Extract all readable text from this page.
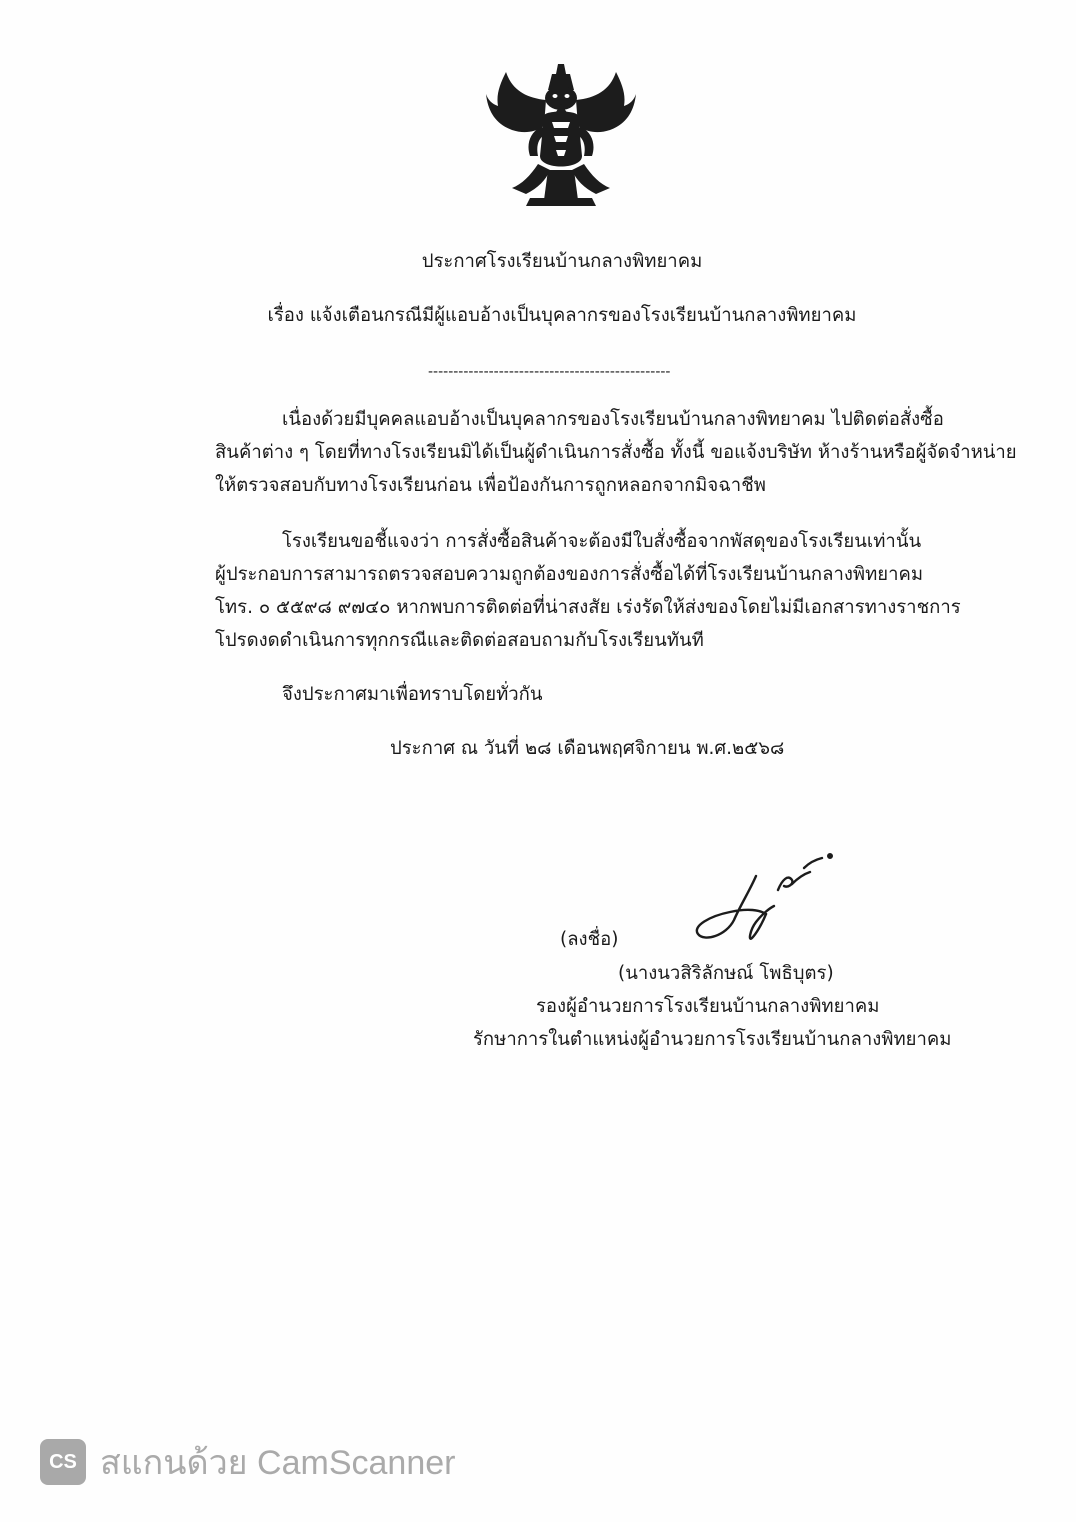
ประกาศโรงเรียนบ้านกลางพิทยาคม
เรื่อง แจ้งเตือนกรณีมีผู้แอบอ้างเป็นบุคลากรของโรงเรียนบ้านกลางพิทยาคม
------------------------------------------------
เนื่องด้วยมีบุคคลแอบอ้างเป็นบุคลากรของโรงเรียนบ้านกลางพิทยาคม ไปติดต่อสั่งซื้อ
สินค้าต่าง ๆ โดยที่ทางโรงเรียนมิได้เป็นผู้ดำเนินการสั่งซื้อ ทั้งนี้ ขอแจ้งบริษัท ห้างร้านหรือผู้จัดจำหน่าย
ให้ตรวจสอบกับทางโรงเรียนก่อน เพื่อป้องกันการถูกหลอกจากมิจฉาชีพ
โรงเรียนขอชี้แจงว่า การสั่งซื้อสินค้าจะต้องมีใบสั่งซื้อจากพัสดุของโรงเรียนเท่านั้น
ผู้ประกอบการสามารถตรวจสอบความถูกต้องของการสั่งซื้อได้ที่โรงเรียนบ้านกลางพิทยาคม
โทร. ๐ ๕๕๙๘ ๙๗๔๐ หากพบการติดต่อที่น่าสงสัย เร่งรัดให้ส่งของโดยไม่มีเอกสารทางราชการ
โปรดงดดำเนินการทุกกรณีและติดต่อสอบถามกับโรงเรียนทันที
จึงประกาศมาเพื่อทราบโดยทั่วกัน
ประกาศ ณ วันที่ ๒๘ เดือนพฤศจิกายน พ.ศ.๒๕๖๘
(ลงชื่อ)
(นางนวสิริลักษณ์ โพธิบุตร)
รองผู้อำนวยการโรงเรียนบ้านกลางพิทยาคม
รักษาการในตำแหน่งผู้อำนวยการโรงเรียนบ้านกลางพิทยาคม
CS สแกนด้วย CamScanner
